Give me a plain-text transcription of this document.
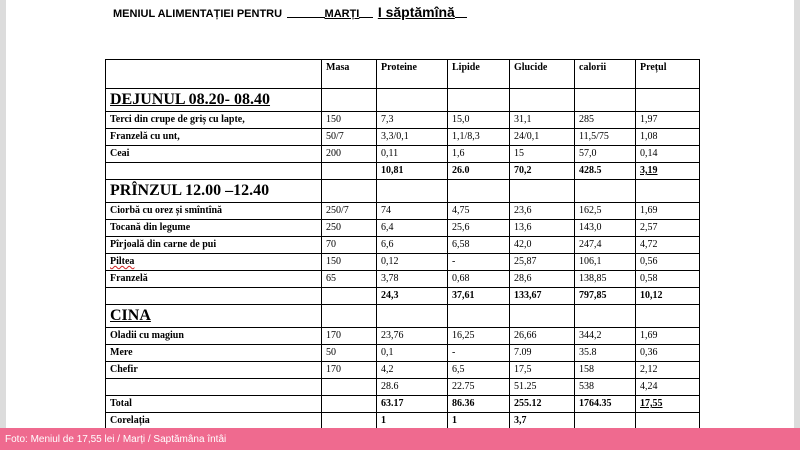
MENIUL ALIMENTAȚIEI PENTRU	MARȚI I săptămînă
	Masa	Proteine	Lipide	Glucide	calorii	Prețul
DEJUNUL 08.20- 08.40						
Terci din crupe de griș cu lapte,	150	7,3	15,0	31,1	285	1,97
Franzelă cu unt,	50/7	3,3/0,1	1,1/8,3	24/0,1	11,5/75	1,08
Ceai	200	0,11	1,6	15	57,0	0,14
		10,81	26.0	70,2	428.5	3,19
PRÎNZUL 12.00 –12.40						
Ciorbă cu orez și smîntînă	250/7	74	4,75	23,6	162,5	1,69
Tocană din legume	250	6,4	25,6	13,6	143,0	2,57
Pîrjoală din carne de pui	70	6,6	6,58	42,0	247,4	4,72
Piltea	150	0,12	-	25,87	106,1	0,56
Franzelă	65	3,78	0,68	28,6	138,85	0,58
		24,3	37,61	133,67	797,85	10,12
CINA						
Oladii cu magiun	170	23,76	16,25	26,66	344,2	1,69
Mere	50	0,1	-	7.09	35.8	0,36
Chefir	170	4,2	6,5	17,5	158	2,12
		28.6	22.75	51.25	538	4,24
Total		63.17	86.36	255.12	1764.35	17,55
Corelația		1	1	3,7		
Foto: Meniul de 17,55 lei / Marți / Saptămâna întâi
